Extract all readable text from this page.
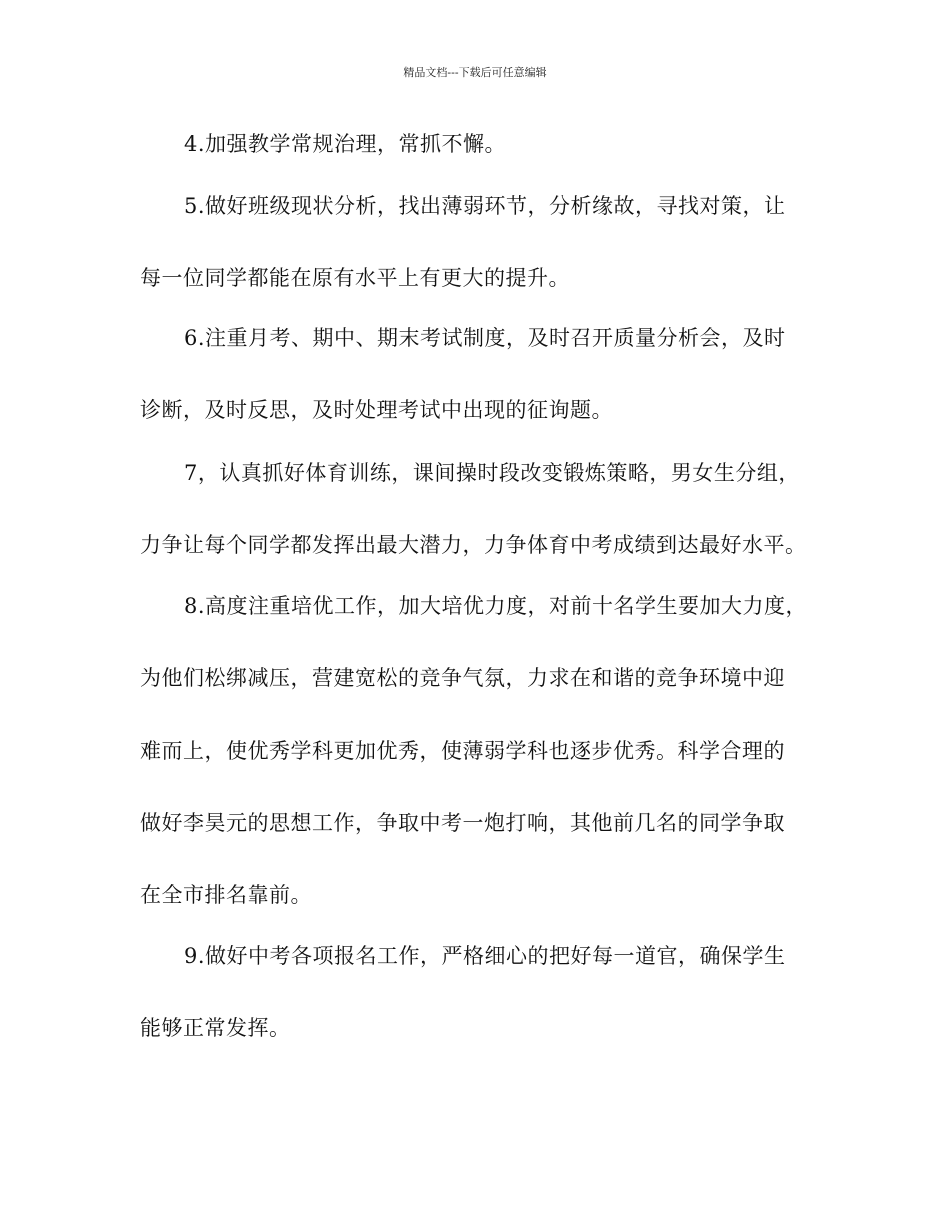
精品文档---下载后可任意编辑
4.加强教学常规治理，常抓不懈。
5.做好班级现状分析，找出薄弱环节，分析缘故，寻找对策，让
每一位同学都能在原有水平上有更大的提升。
6.注重月考、期中、期末考试制度，及时召开质量分析会，及时
诊断，及时反思，及时处理考试中出现的征询题。
7，认真抓好体育训练，课间操时段改变锻炼策略，男女生分组，
力争让每个同学都发挥出最大潜力，力争体育中考成绩到达最好水平。
8.高度注重培优工作，加大培优力度，对前十名学生要加大力度，
为他们松绑减压，营建宽松的竞争气氛，力求在和谐的竞争环境中迎
难而上，使优秀学科更加优秀，使薄弱学科也逐步优秀。科学合理的
做好李昊元的思想工作，争取中考一炮打响，其他前几名的同学争取
在全市排名靠前。
9.做好中考各项报名工作，严格细心的把好每一道官，确保学生
能够正常发挥。
